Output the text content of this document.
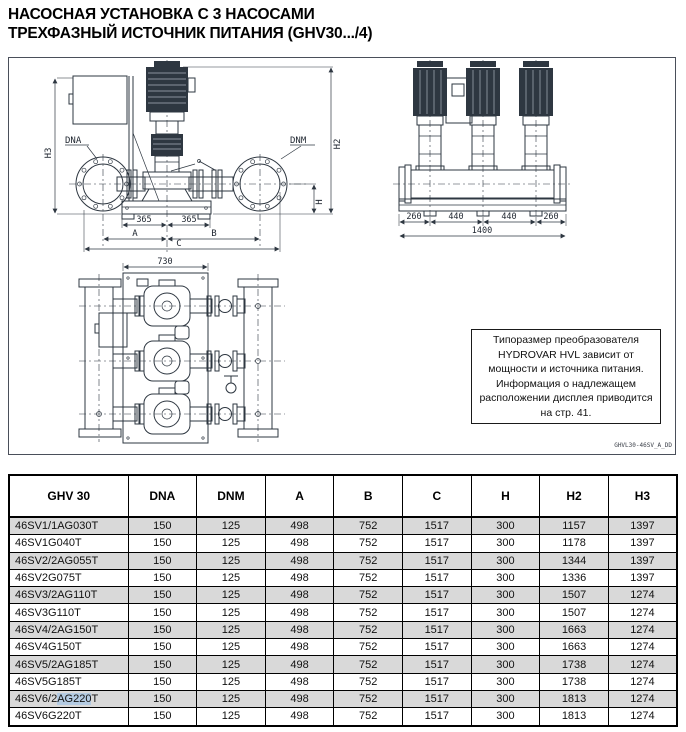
НАСОСНАЯ УСТАНОВКА С 3 НАСОСАМИ
ТРЕХФАЗНЫЙ ИСТОЧНИК ПИТАНИЯ (GHV30.../4)
H3
H2
H
365	365
A	B
C
DNA	DNM
260	440	440	260
1400
730
Типоразмер преобразователя
HYDROVAR HVL зависит от
мощности и источника питания.
Информация о надлежащем
расположении дисплея приводится
на стр. 41.
GHVL30-46SV_A_DD
GHV 30	DNA	DNM	A	B	C	H	H2	H3
46SV1/1AG030T	150	125	498	752	1517	300	1157	1397
46SV1G040T	150	125	498	752	1517	300	1178	1397
46SV2/2AG055T	150	125	498	752	1517	300	1344	1397
46SV2G075T	150	125	498	752	1517	300	1336	1397
46SV3/2AG110T	150	125	498	752	1517	300	1507	1274
46SV3G110T	150	125	498	752	1517	300	1507	1274
46SV4/2AG150T	150	125	498	752	1517	300	1663	1274
46SV4G150T	150	125	498	752	1517	300	1663	1274
46SV5/2AG185T	150	125	498	752	1517	300	1738	1274
46SV5G185T	150	125	498	752	1517	300	1738	1274
46SV6/2AG220T	150	125	498	752	1517	300	1813	1274
46SV6G220T	150	125	498	752	1517	300	1813	1274
